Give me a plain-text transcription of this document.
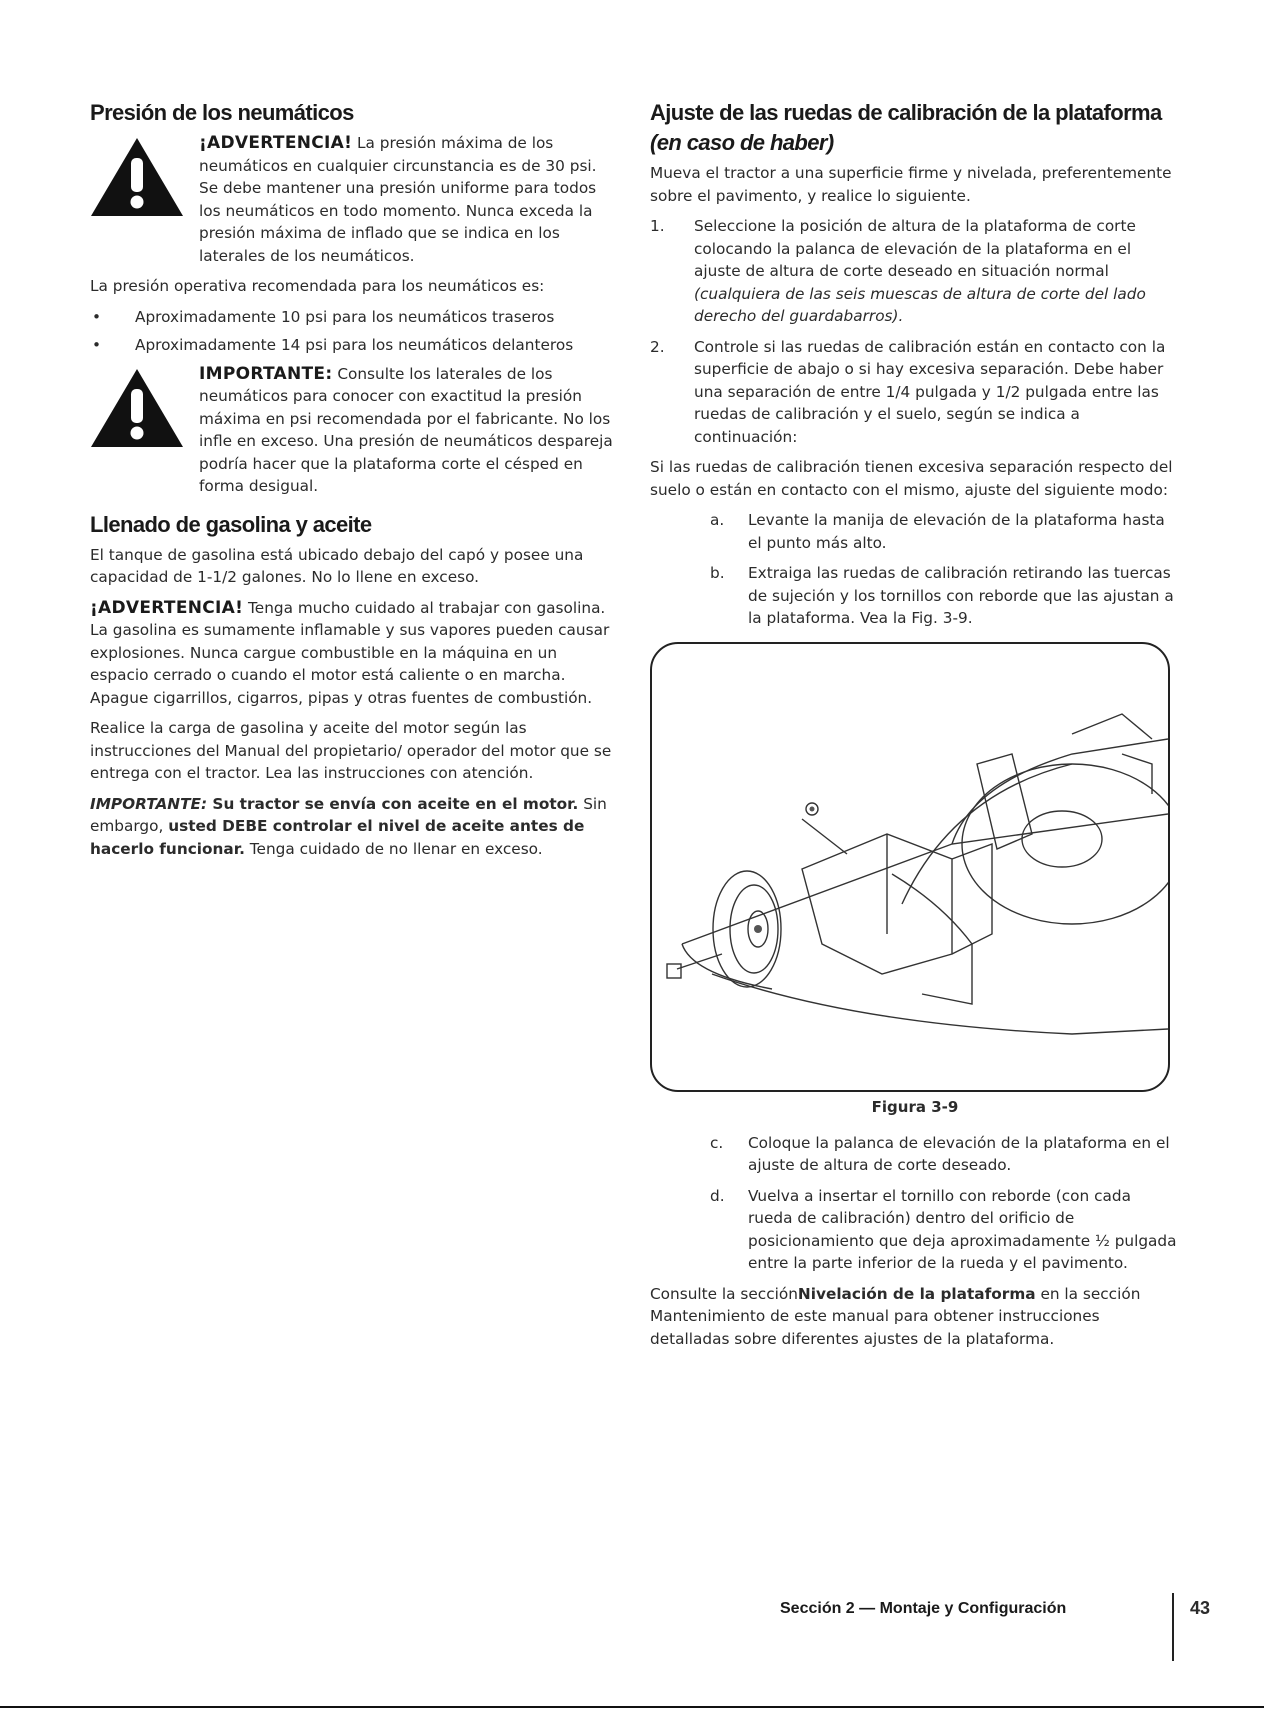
Presión de los neumáticos
¡ADVERTENCIA! La presión máxima de los neumáticos en cualquier circunstancia es de 30 psi. Se debe mantener una presión uniforme para todos los neumáticos en todo momento. Nunca exceda la presión máxima de inflado que se indica en los laterales de los neumáticos.

La presión operativa recomendada para los neumáticos es:

• Aproximadamente 10 psi para los neumáticos traseros
• Aproximadamente 14 psi para los neumáticos delanteros
IMPORTANTE: Consulte los laterales de los neumáticos para conocer con exactitud la presión máxima en psi recomendada por el fabricante. No los infle en exceso. Una presión de neumáticos despareja podría hacer que la plataforma corte el césped en forma desigual.
Llenado de gasolina y aceite

El tanque de gasolina está ubicado debajo del capó y posee una capacidad de 1-1/2 galones. No lo llene en exceso.

¡ADVERTENCIA! Tenga mucho cuidado al trabajar con gasolina. La gasolina es sumamente inflamable y sus vapores pueden causar explosiones. Nunca cargue combustible en la máquina en un espacio cerrado o cuando el motor está caliente o en marcha. Apague cigarrillos, cigarros, pipas y otras fuentes de combustión.

Realice la carga de gasolina y aceite del motor según las instrucciones del Manual del propietario/ operador del motor que se entrega con el tractor. Lea las instrucciones con atención.

IMPORTANTE: Su tractor se envía con aceite en el motor. Sin embargo, usted DEBE controlar el nivel de aceite antes de hacerlo funcionar. Tenga cuidado de no llenar en exceso.

Ajuste de las ruedas de calibración de la plataforma
(en caso de haber)

Mueva el tractor a una superficie firme y nivelada, preferentemente sobre el pavimento, y realice lo siguiente.

1.	Seleccione la posición de altura de la plataforma de corte colocando la palanca de elevación de la plataforma en el ajuste de altura de corte deseado en situación normal (cualquiera de las seis muescas de altura de corte del lado derecho del guardabarros).
2.	Controle si las ruedas de calibración están en contacto con la superficie de abajo o si hay excesiva separación. Debe haber una separación de entre 1/4 pulgada y 1/2 pulgada entre las ruedas de calibración y el suelo, según se indica a continuación:

Si las ruedas de calibración tienen excesiva separación respecto del suelo o están en contacto con el mismo, ajuste del siguiente modo:

a.	Levante la manija de elevación de la plataforma hasta el punto más alto.
b.	Extraiga las ruedas de calibración retirando las tuercas de sujeción y los tornillos con reborde que las ajustan a la plataforma. Vea la Fig. 3-9.
Figura 3-9
c.	Coloque la palanca de elevación de la plataforma en el ajuste de altura de corte deseado.
d.	Vuelva a insertar el tornillo con reborde (con cada rueda de calibración) dentro del orificio de posicionamiento que deja aproximadamente ½ pulgada entre la parte inferior de la rueda y el pavimento.

Consulte la secciónNivelación de la plataforma en la sección Mantenimiento de este manual para obtener instrucciones detalladas sobre diferentes ajustes de la plataforma.

Sección 2 — Montaje y Configuración	43
